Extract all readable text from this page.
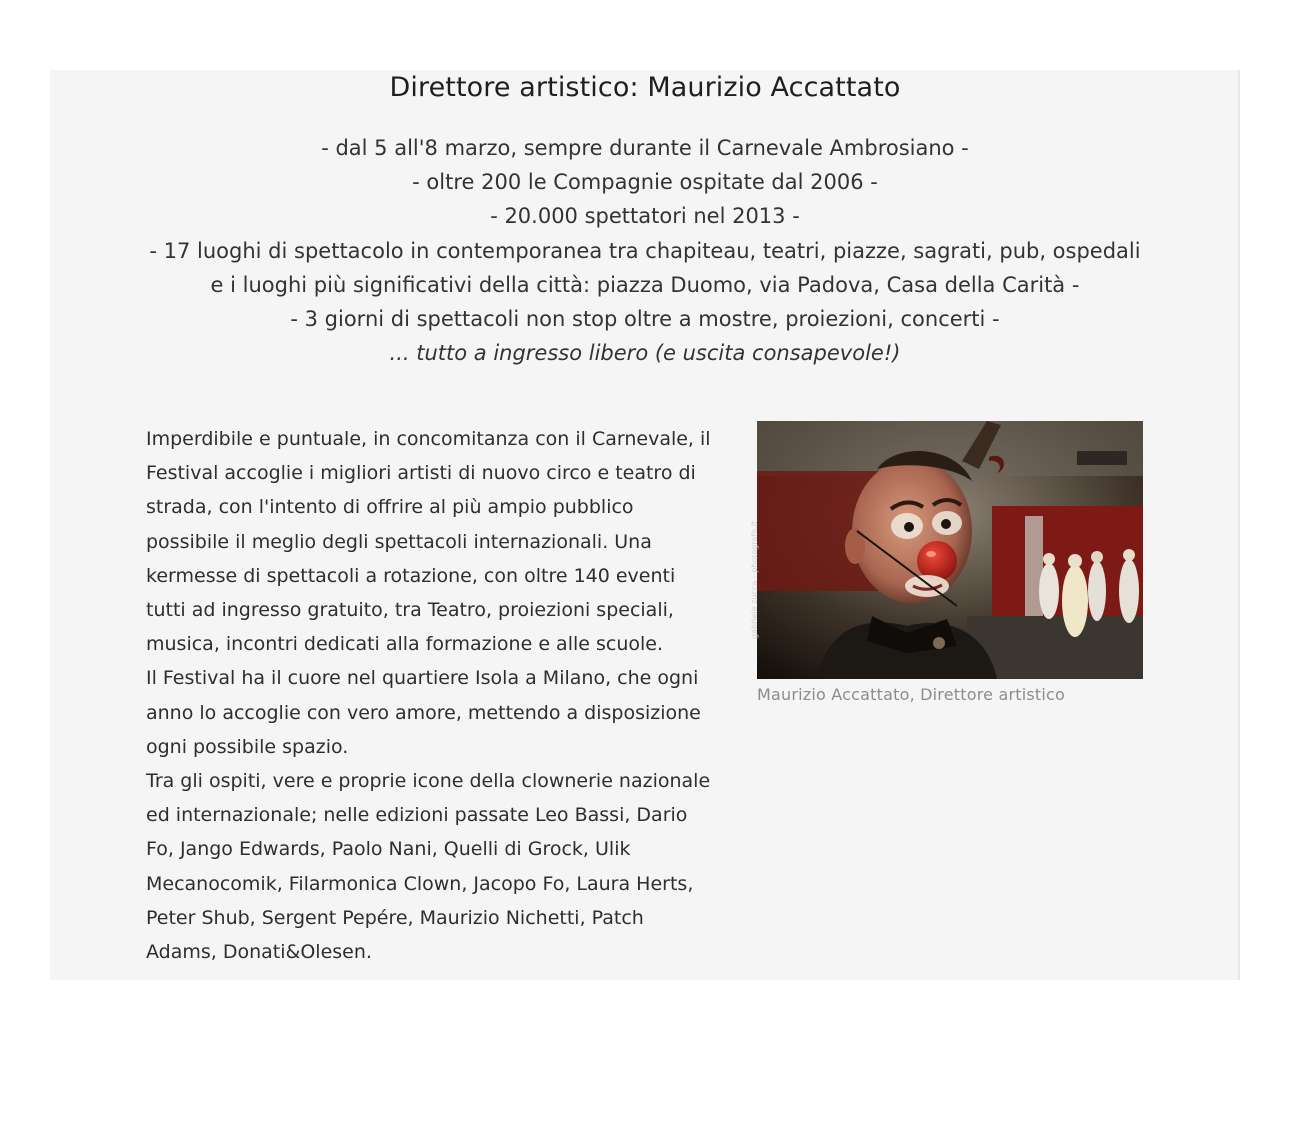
Direttore artistico: Maurizio Accattato
- dal 5 all'8 marzo, sempre durante il Carnevale Ambrosiano -
- oltre 200 le Compagnie ospitate dal 2006 -
- 20.000 spettatori nel 2013 -
- 17 luoghi di spettacolo in contemporanea tra chapiteau, teatri, piazze, sagrati, pub, ospedali
e i luoghi più significativi della città: piazza Duomo, via Padova, Casa della Carità -
- 3 giorni di spettacoli non stop oltre a mostre, proiezioni, concerti -
... tutto a ingresso libero (e uscita consapevole!)

Imperdibile e puntuale, in concomitanza con il Carnevale, il Festival accoglie i migliori artisti di nuovo circo e teatro di strada, con l'intento di offrire al più ampio pubblico possibile il meglio degli spettacoli internazionali. Una kermesse di spettacoli a rotazione, con oltre 140 eventi tutti ad ingresso gratuito, tra Teatro, proiezioni speciali, musica, incontri dedicati alla formazione e alle scuole.

Il Festival ha il cuore nel quartiere Isola a Milano, che ogni anno lo accoglie con vero amore, mettendo a disposizione ogni possibile spazio.

Tra gli ospiti, vere e proprie icone della clownerie nazionale ed internazionale; nelle edizioni passate Leo Bassi, Dario Fo, Jango Edwards, Paolo Nani, Quelli di Grock, Ulik Mecanocomik, Filarmonica Clown, Jacopo Fo, Laura Herts, Peter Shub, Sergent Pepére, Maurizio Nichetti, Patch Adams, Donati&Olesen.

gabriele zucca - photografo.it
Maurizio Accattato, Direttore artistico
